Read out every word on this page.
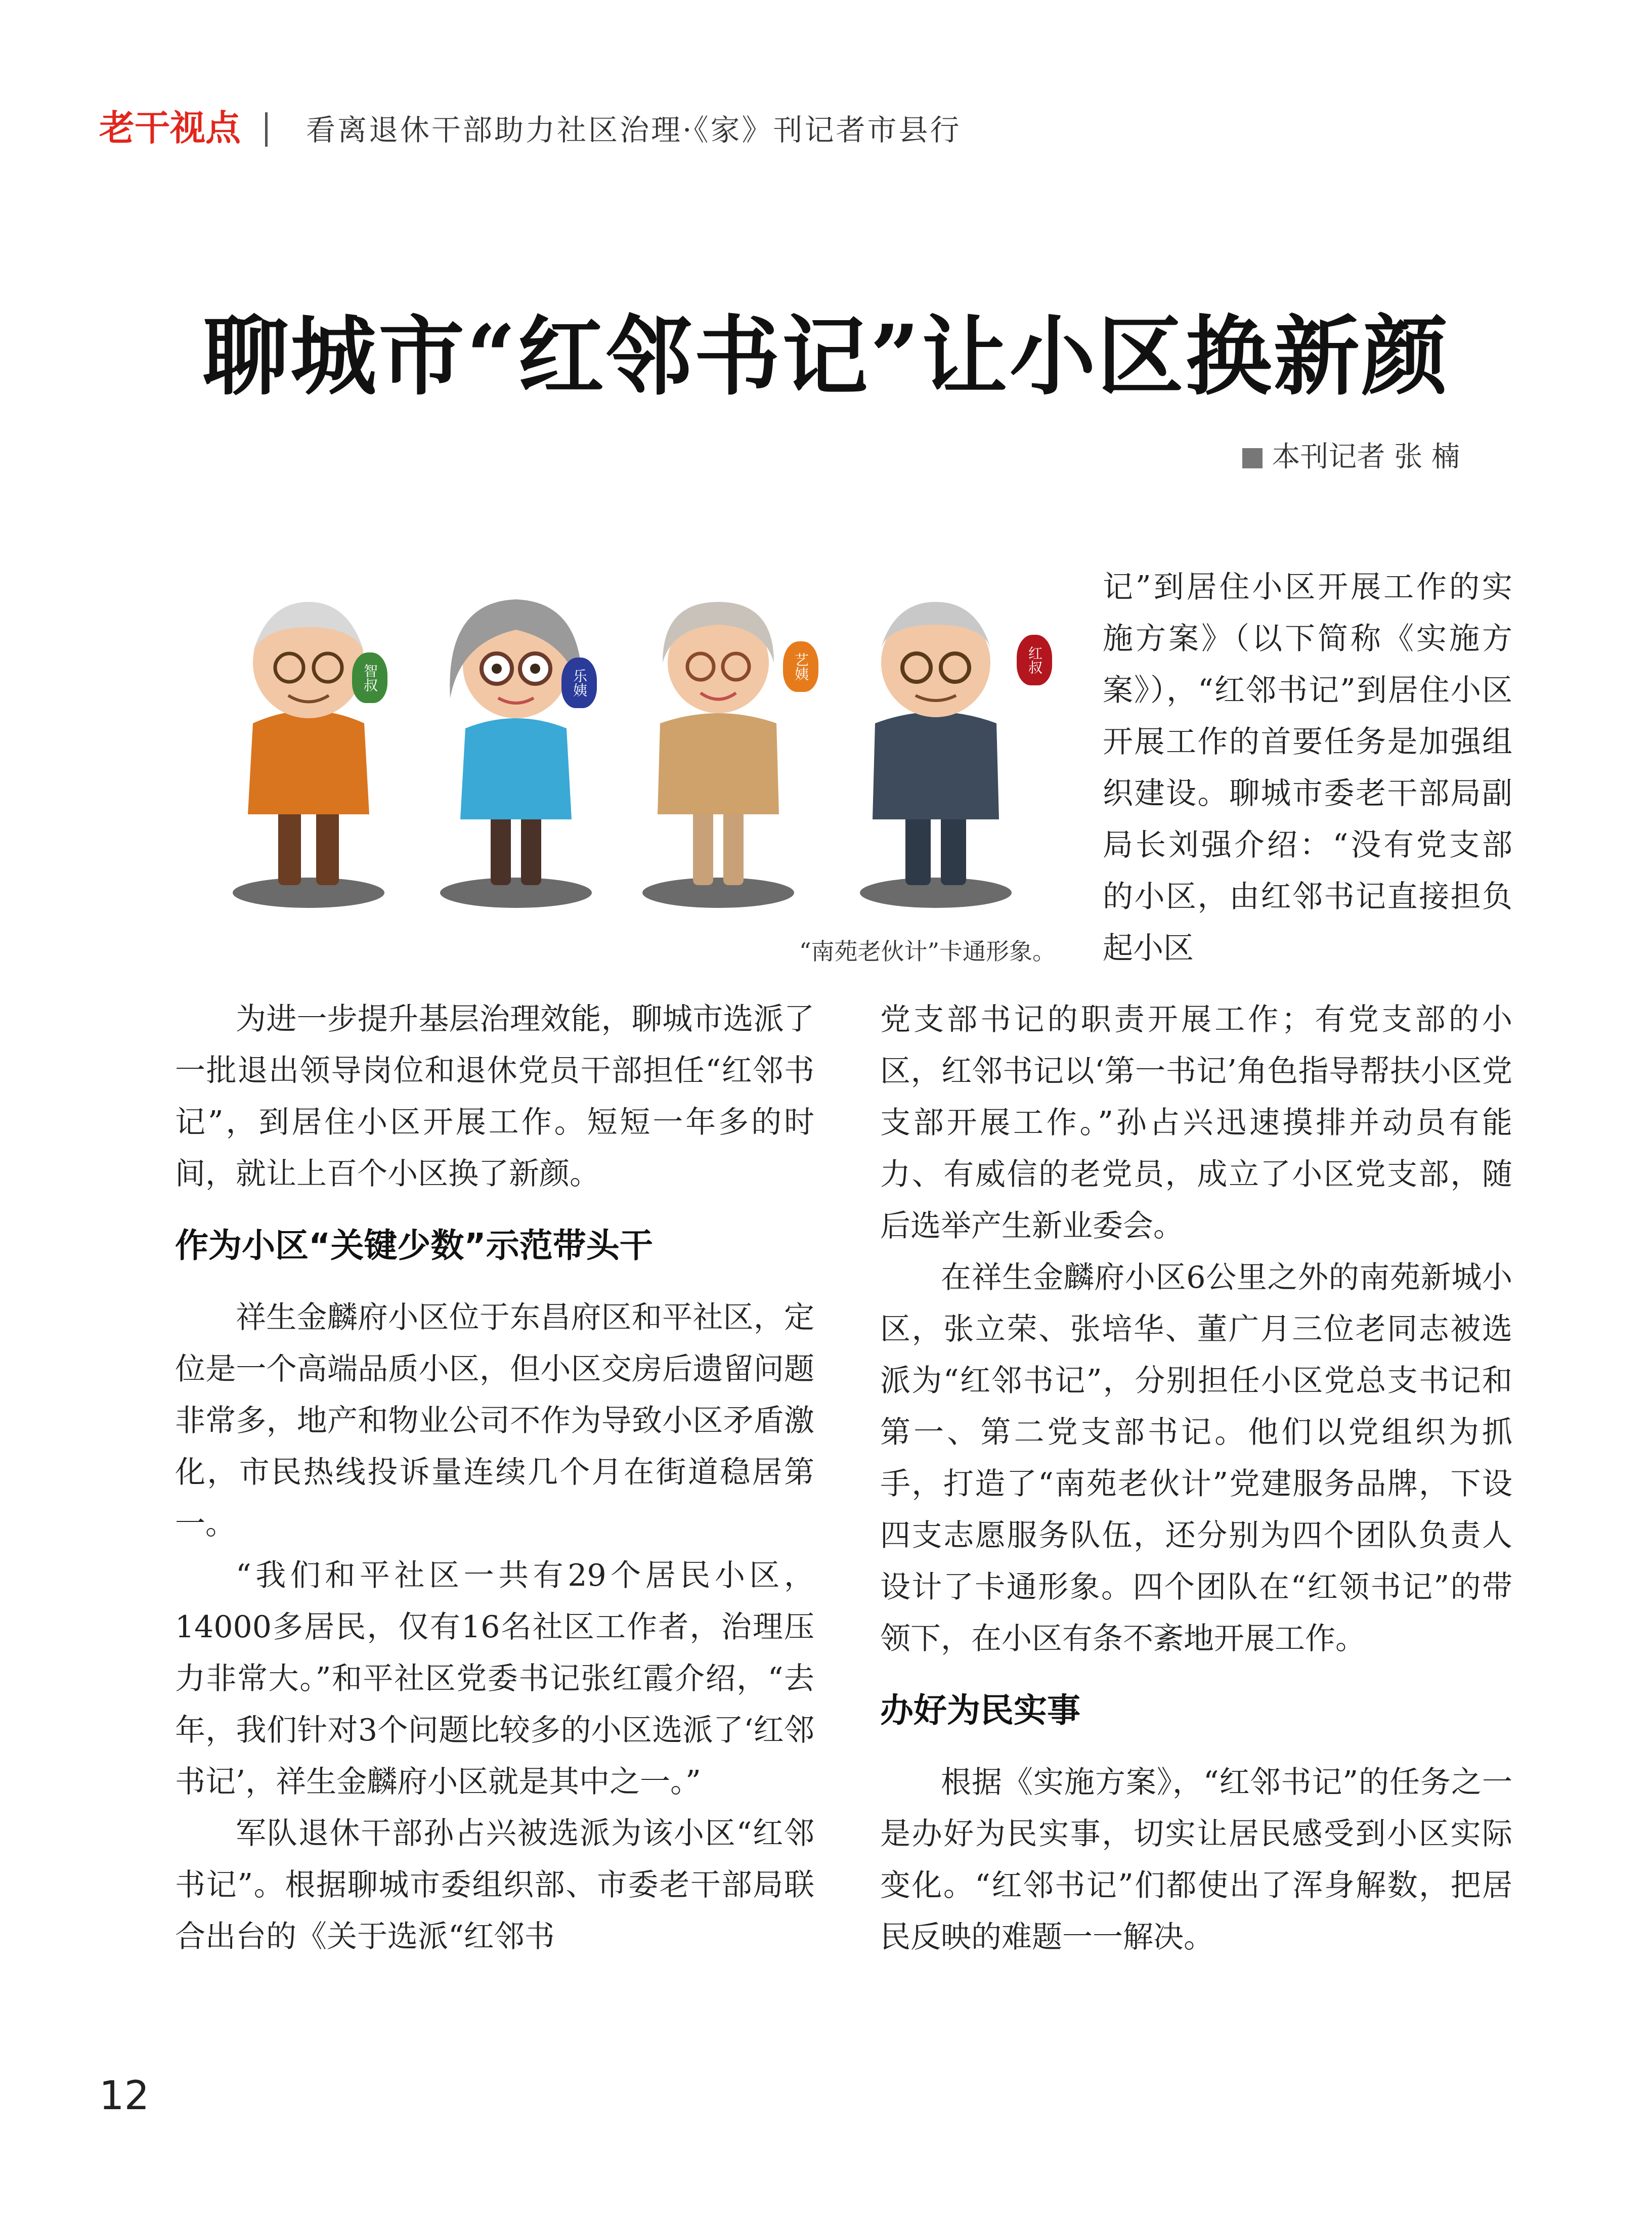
老干视点 看离退休干部助力社区治理·《家》刊记者市县行
聊城市“红邻书记”让小区换新颜
本刊记者 张 楠
“南苑老伙计”卡通形象。

记”到居住小区开展工作的实施方案》（以下简称《实施方案》），“红邻书记”到居住小区开展工作的首要任务是加强组织建设。聊城市委老干部局副局长刘强介绍：“没有党支部的小区，由红邻书记直接担负起小区

为进一步提升基层治理效能，聊城市选派了一批退出领导岗位和退休党员干部担任“红邻书记”，到居住小区开展工作。短短一年多的时间，就让上百个小区换了新颜。

作为小区“关键少数”示范带头干

祥生金麟府小区位于东昌府区和平社区，定位是一个高端品质小区，但小区交房后遗留问题非常多，地产和物业公司不作为导致小区矛盾激化，市民热线投诉量连续几个月在街道稳居第一。

“我们和平社区一共有29个居民小区，14000多居民，仅有16名社区工作者，治理压力非常大。”和平社区党委书记张红霞介绍，“去年，我们针对3个问题比较多的小区选派了‘红邻书记’，祥生金麟府小区就是其中之一。”

军队退休干部孙占兴被选派为该小区“红邻书记”。根据聊城市委组织部、市委老干部局联合出台的《关于选派“红邻书

党支部书记的职责开展工作；有党支部的小区，红邻书记以‘第一书记’角色指导帮扶小区党支部开展工作。”孙占兴迅速摸排并动员有能力、有威信的老党员，成立了小区党支部，随后选举产生新业委会。

在祥生金麟府小区6公里之外的南苑新城小区，张立荣、张培华、董广月三位老同志被选派为“红邻书记”，分别担任小区党总支书记和第一、第二党支部书记。他们以党组织为抓手，打造了“南苑老伙计”党建服务品牌，下设四支志愿服务队伍，还分别为四个团队负责人设计了卡通形象。四个团队在“红领书记”的带领下，在小区有条不紊地开展工作。

办好为民实事

根据《实施方案》，“红邻书记”的任务之一是办好为民实事，切实让居民感受到小区实际变化。“红邻书记”们都使出了浑身解数，把居民反映的难题一一解决。

12
智叔	乐姨
艺姨	红叔
